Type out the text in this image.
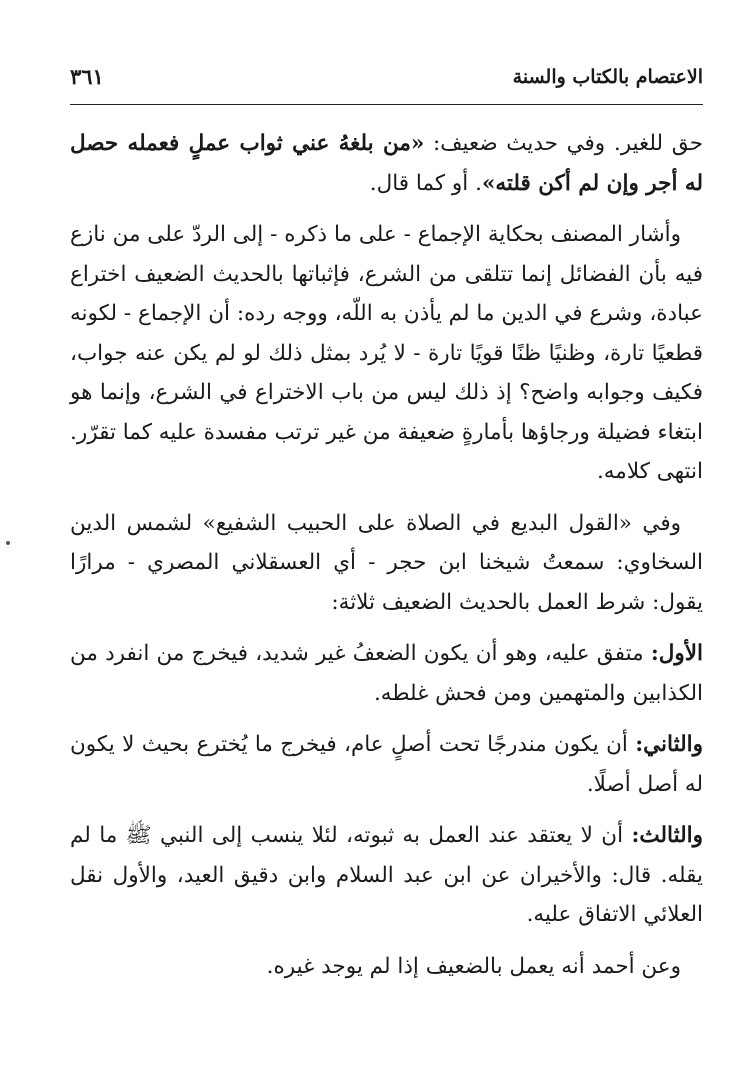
الاعتصام بالكتاب والسنة
٣٦١

حق للغير. وفي حديث ضعيف: «من بلغهُ عني ثواب عملٍ فعمله حصل له أجر وإن لم أكن قلته». أو كما قال.

وأشار المصنف بحكاية الإجماع - على ما ذكره - إلى الردّ على من نازع فيه بأن الفضائل إنما تتلقى من الشرع، فإثباتها بالحديث الضعيف اختراع عبادة، وشرع في الدين ما لم يأذن به اللّه، ووجه رده: أن الإجماع - لكونه قطعيًا تارة، وظنيًا ظنًا قويًا تارة - لا يُرد بمثل ذلك لو لم يكن عنه جواب، فكيف وجوابه واضح؟ إذ ذلك ليس من باب الاختراع في الشرع، وإنما هو ابتغاء فضيلة ورجاؤها بأمارةٍ ضعيفة من غير ترتب مفسدة عليه كما تقرّر. انتهى كلامه.

وفي «القول البديع في الصلاة على الحبيب الشفيع» لشمس الدين السخاوي: سمعتُ شيخنا ابن حجر - أي العسقلاني المصري - مرارًا يقول: شرط العمل بالحديث الضعيف ثلاثة:

الأول: متفق عليه، وهو أن يكون الضعفُ غير شديد، فيخرج من انفرد من الكذابين والمتهمين ومن فحش غلطه.

والثاني: أن يكون مندرجًا تحت أصلٍ عام، فيخرج ما يُخترع بحيث لا يكون له أصل أصلًا.

والثالث: أن لا يعتقد عند العمل به ثبوته، لئلا ينسب إلى النبي ﷺ ما لم يقله. قال: والأخيران عن ابن عبد السلام وابن دقيق العيد، والأول نقل العلائي الاتفاق عليه.

وعن أحمد أنه يعمل بالضعيف إذا لم يوجد غيره.
